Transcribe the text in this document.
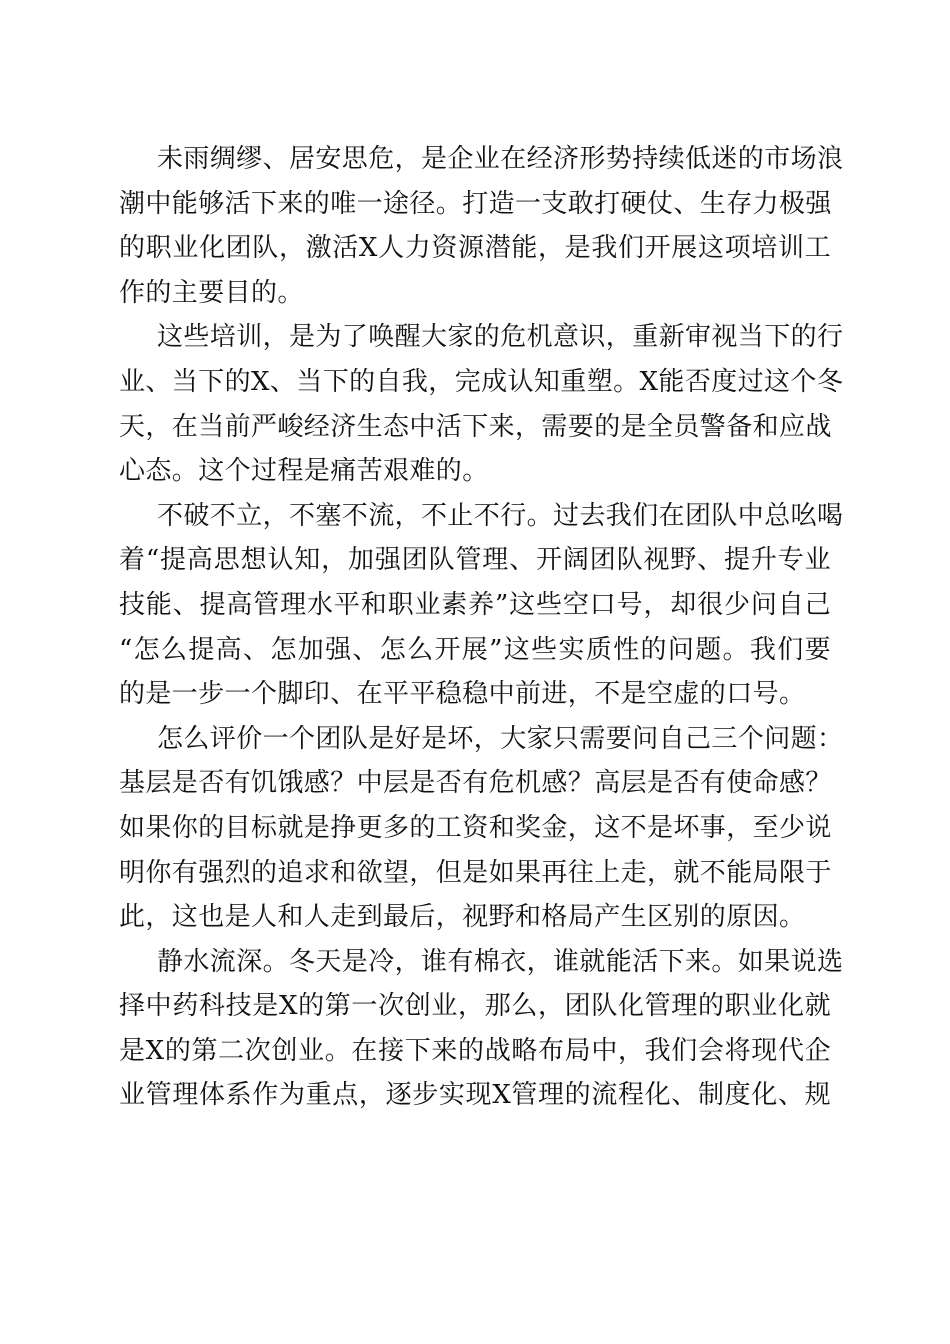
未雨绸缪、居安思危，是企业在经济形势持续低迷的市场浪
潮中能够活下来的唯一途径。打造一支敢打硬仗、生存力极强
的职业化团队，激活X人力资源潜能，是我们开展这项培训工
作的主要目的。
这些培训，是为了唤醒大家的危机意识，重新审视当下的行
业、当下的X、当下的自我，完成认知重塑。X能否度过这个冬
天，在当前严峻经济生态中活下来，需要的是全员警备和应战
心态。这个过程是痛苦艰难的。
不破不立，不塞不流，不止不行。过去我们在团队中总吆喝
着“提高思想认知，加强团队管理、开阔团队视野、提升专业
技能、提高管理水平和职业素养”这些空口号，却很少问自己
“怎么提高、怎加强、怎么开展”这些实质性的问题。我们要
的是一步一个脚印、在平平稳稳中前进，不是空虚的口号。
怎么评价一个团队是好是坏，大家只需要问自己三个问题：
基层是否有饥饿感？中层是否有危机感？高层是否有使命感？
如果你的目标就是挣更多的工资和奖金，这不是坏事，至少说
明你有强烈的追求和欲望，但是如果再往上走，就不能局限于
此，这也是人和人走到最后，视野和格局产生区别的原因。
静水流深。冬天是冷，谁有棉衣，谁就能活下来。如果说选
择中药科技是X的第一次创业，那么，团队化管理的职业化就
是X的第二次创业。在接下来的战略布局中，我们会将现代企
业管理体系作为重点，逐步实现X管理的流程化、制度化、规
